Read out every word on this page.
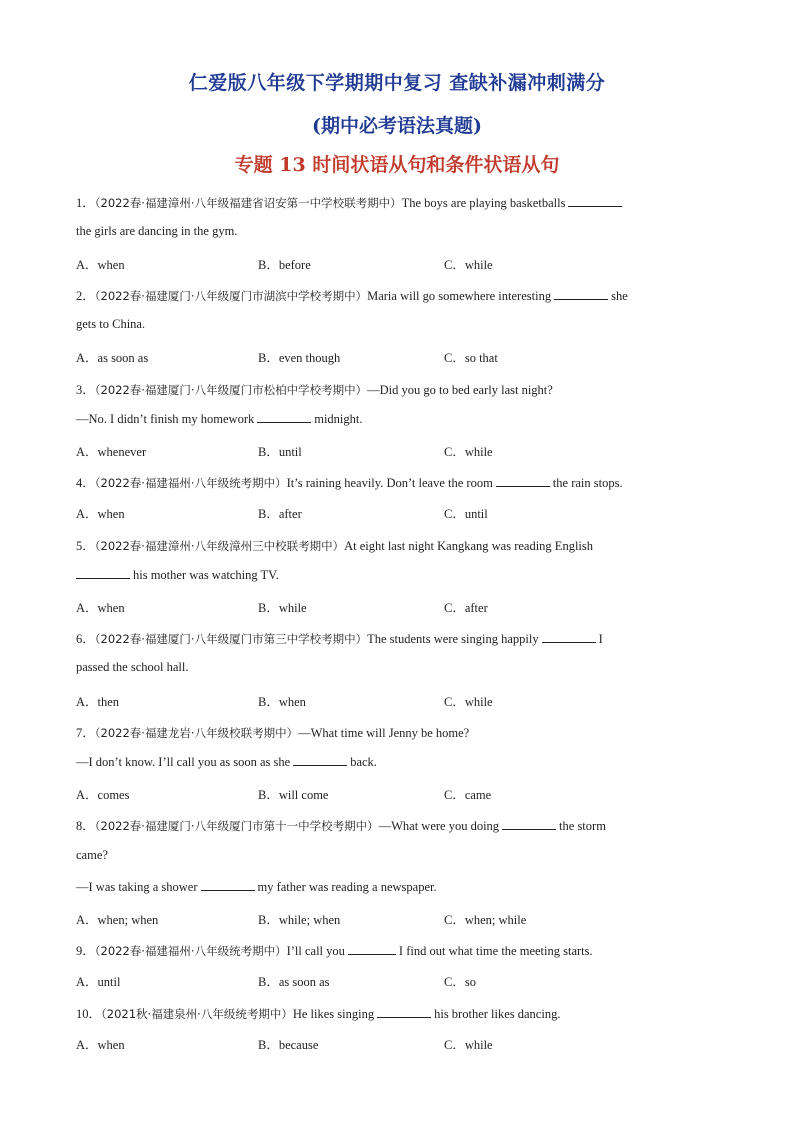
仁爱版八年级下学期期中复习 查缺补漏冲刺满分
(期中必考语法真题)
专题 13 时间状语从句和条件状语从句
1．（2022春·福建漳州·八年级福建省诏安第一中学校联考期中）The boys are playing basketballs
the girls are dancing in the gym.
A．when	B．before	C．while
2．（2022春·福建厦门·八年级厦门市湖滨中学校考期中）Maria will go somewhere interesting	she
gets to China.
A．as soon as	B．even though	C．so that
3．（2022春·福建厦门·八年级厦门市松柏中学校考期中）—Did you go to bed early last night?
—No. I didn’t finish my homework	midnight.
A．whenever	B．until	C．while
4．（2022春·福建福州·八年级统考期中）It’s raining heavily. Don’t leave the room	the rain stops.
A．when	B．after	C．until
5．（2022春·福建漳州·八年级漳州三中校联考期中）At eight last night Kangkang was reading English
his mother was watching TV.
A．when	B．while	C．after
6．（2022春·福建厦门·八年级厦门市第三中学校考期中）The students were singing happily	I
passed the school hall.
A．then	B．when	C．while
7．（2022春·福建龙岩·八年级校联考期中）—What time will Jenny be home?
—I don’t know. I’ll call you as soon as she	back.
A．comes	B．will come	C．came
8．（2022春·福建厦门·八年级厦门市第十一中学校考期中）—What were you doing	the storm
came?
—I was taking a shower	my father was reading a newspaper.
A．when; when	B．while; when	C．when; while
9．（2022春·福建福州·八年级统考期中）I’ll call you	I find out what time the meeting starts.
A．until	B．as soon as	C．so
10．（2021秋·福建泉州·八年级统考期中）He likes singing	his brother likes dancing.
A．when	B．because	C．while
